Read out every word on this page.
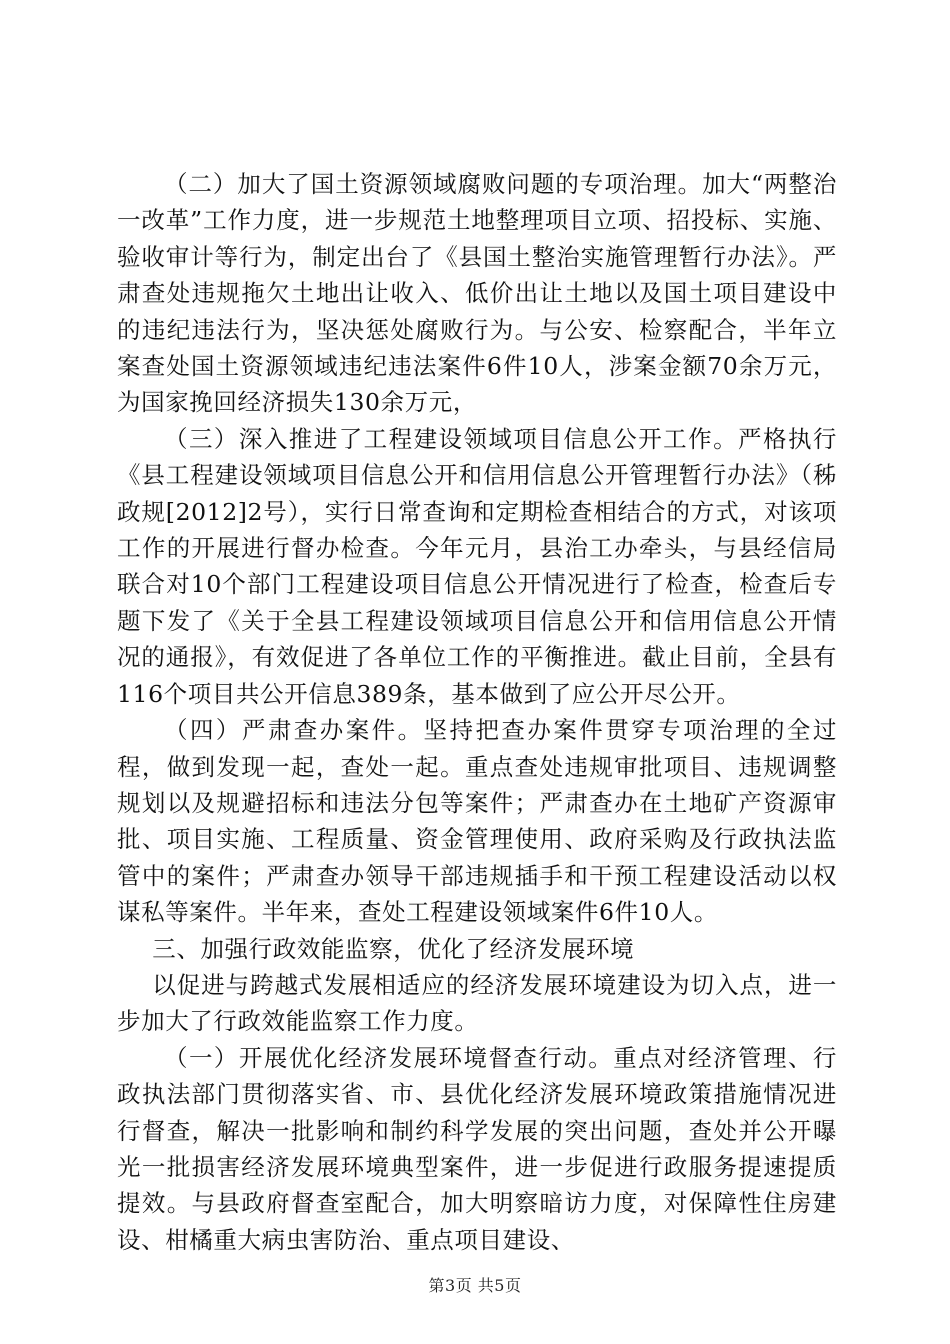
（二）加大了国土资源领域腐败问题的专项治理。加大“两整治一改革”工作力度，进一步规范土地整理项目立项、招投标、实施、验收审计等行为，制定出台了《县国土整治实施管理暂行办法》。严肃查处违规拖欠土地出让收入、低价出让土地以及国土项目建设中的违纪违法行为，坚决惩处腐败行为。与公安、检察配合，半年立案查处国土资源领域违纪违法案件6件10人，涉案金额70余万元，为国家挽回经济损失130余万元，

（三）深入推进了工程建设领域项目信息公开工作。严格执行《县工程建设领域项目信息公开和信用信息公开管理暂行办法》（秭政规[2012]2号），实行日常查询和定期检查相结合的方式，对该项工作的开展进行督办检查。今年元月，县治工办牵头，与县经信局联合对10个部门工程建设项目信息公开情况进行了检查，检查后专题下发了《关于全县工程建设领域项目信息公开和信用信息公开情况的通报》，有效促进了各单位工作的平衡推进。截止目前，全县有116个项目共公开信息389条，基本做到了应公开尽公开。

（四）严肃查办案件。坚持把查办案件贯穿专项治理的全过程，做到发现一起，查处一起。重点查处违规审批项目、违规调整规划以及规避招标和违法分包等案件；严肃查办在土地矿产资源审批、项目实施、工程质量、资金管理使用、政府采购及行政执法监管中的案件；严肃查办领导干部违规插手和干预工程建设活动以权谋私等案件。半年来，查处工程建设领域案件6件10人。

三、加强行政效能监察，优化了经济发展环境

以促进与跨越式发展相适应的经济发展环境建设为切入点，进一步加大了行政效能监察工作力度。

（一）开展优化经济发展环境督查行动。重点对经济管理、行政执法部门贯彻落实省、市、县优化经济发展环境政策措施情况进行督查，解决一批影响和制约科学发展的突出问题，查处并公开曝光一批损害经济发展环境典型案件，进一步促进行政服务提速提质提效。与县政府督查室配合，加大明察暗访力度，对保障性住房建设、柑橘重大病虫害防治、重点项目建设、

第3页 共5页
